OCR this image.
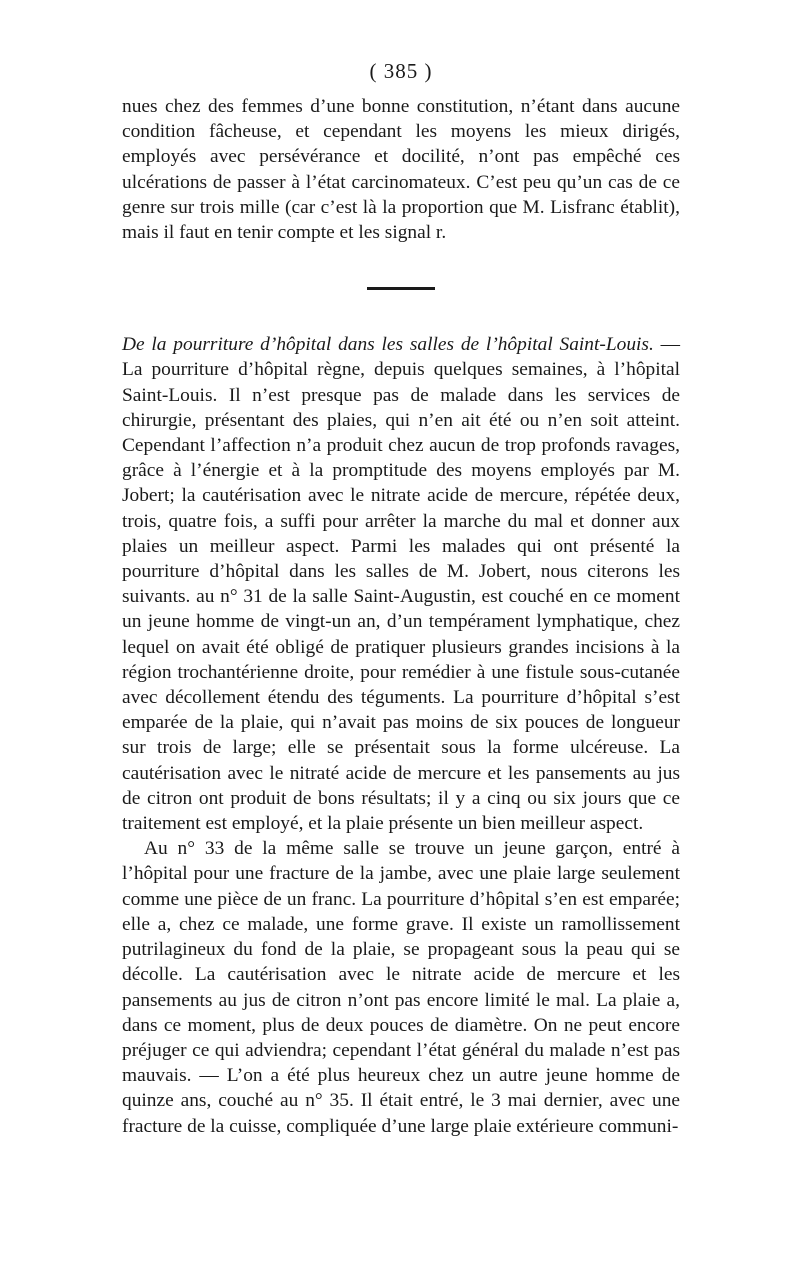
( 385 )

nues chez des femmes d’une bonne constitution, n’étant dans aucune condition fâcheuse, et cependant les moyens les mieux dirigés, employés avec persévérance et docilité, n’ont pas empêché ces ulcérations de passer à l’état carcinomateux. C’est peu qu’un cas de ce genre sur trois mille (car c’est là la proportion que M. Lisfranc établit), mais il faut en tenir compte et les signal r.

De la pourriture d’hôpital dans les salles de l’hôpital Saint-Louis. — La pourriture d’hôpital règne, depuis quelques semaines, à l’hôpital Saint-Louis. Il n’est presque pas de malade dans les services de chirurgie, présentant des plaies, qui n’en ait été ou n’en soit atteint. Cependant l’affection n’a produit chez aucun de trop profonds ravages, grâce à l’énergie et à la promptitude des moyens employés par M. Jobert; la cautérisation avec le nitrate acide de mercure, répétée deux, trois, quatre fois, a suffi pour arrêter la marche du mal et donner aux plaies un meilleur aspect. Parmi les malades qui ont présenté la pourriture d’hôpital dans les salles de M. Jobert, nous citerons les suivants. au n° 31 de la salle Saint-Augustin, est couché en ce moment un jeune homme de vingt-un an, d’un tempérament lymphatique, chez lequel on avait été obligé de pratiquer plusieurs grandes incisions à la région trochantérienne droite, pour remédier à une fistule sous-cutanée avec décollement étendu des téguments. La pourriture d’hôpital s’est emparée de la plaie, qui n’avait pas moins de six pouces de longueur sur trois de large; elle se présentait sous la forme ulcéreuse. La cautérisation avec le nitraté acide de mercure et les pansements au jus de citron ont produit de bons résultats; il y a cinq ou six jours que ce traitement est employé, et la plaie présente un bien meilleur aspect.

Au n° 33 de la même salle se trouve un jeune garçon, entré à l’hôpital pour une fracture de la jambe, avec une plaie large seulement comme une pièce de un franc. La pourriture d’hôpital s’en est emparée; elle a, chez ce malade, une forme grave. Il existe un ramollissement putrilagineux du fond de la plaie, se propageant sous la peau qui se décolle. La cautérisation avec le nitrate acide de mercure et les pansements au jus de citron n’ont pas encore limité le mal. La plaie a, dans ce moment, plus de deux pouces de diamètre. On ne peut encore préjuger ce qui adviendra; cependant l’état général du malade n’est pas mauvais. — L’on a été plus heureux chez un autre jeune homme de quinze ans, couché au n° 35. Il était entré, le 3 mai dernier, avec une fracture de la cuisse, compliquée d’une large plaie extérieure communi-
